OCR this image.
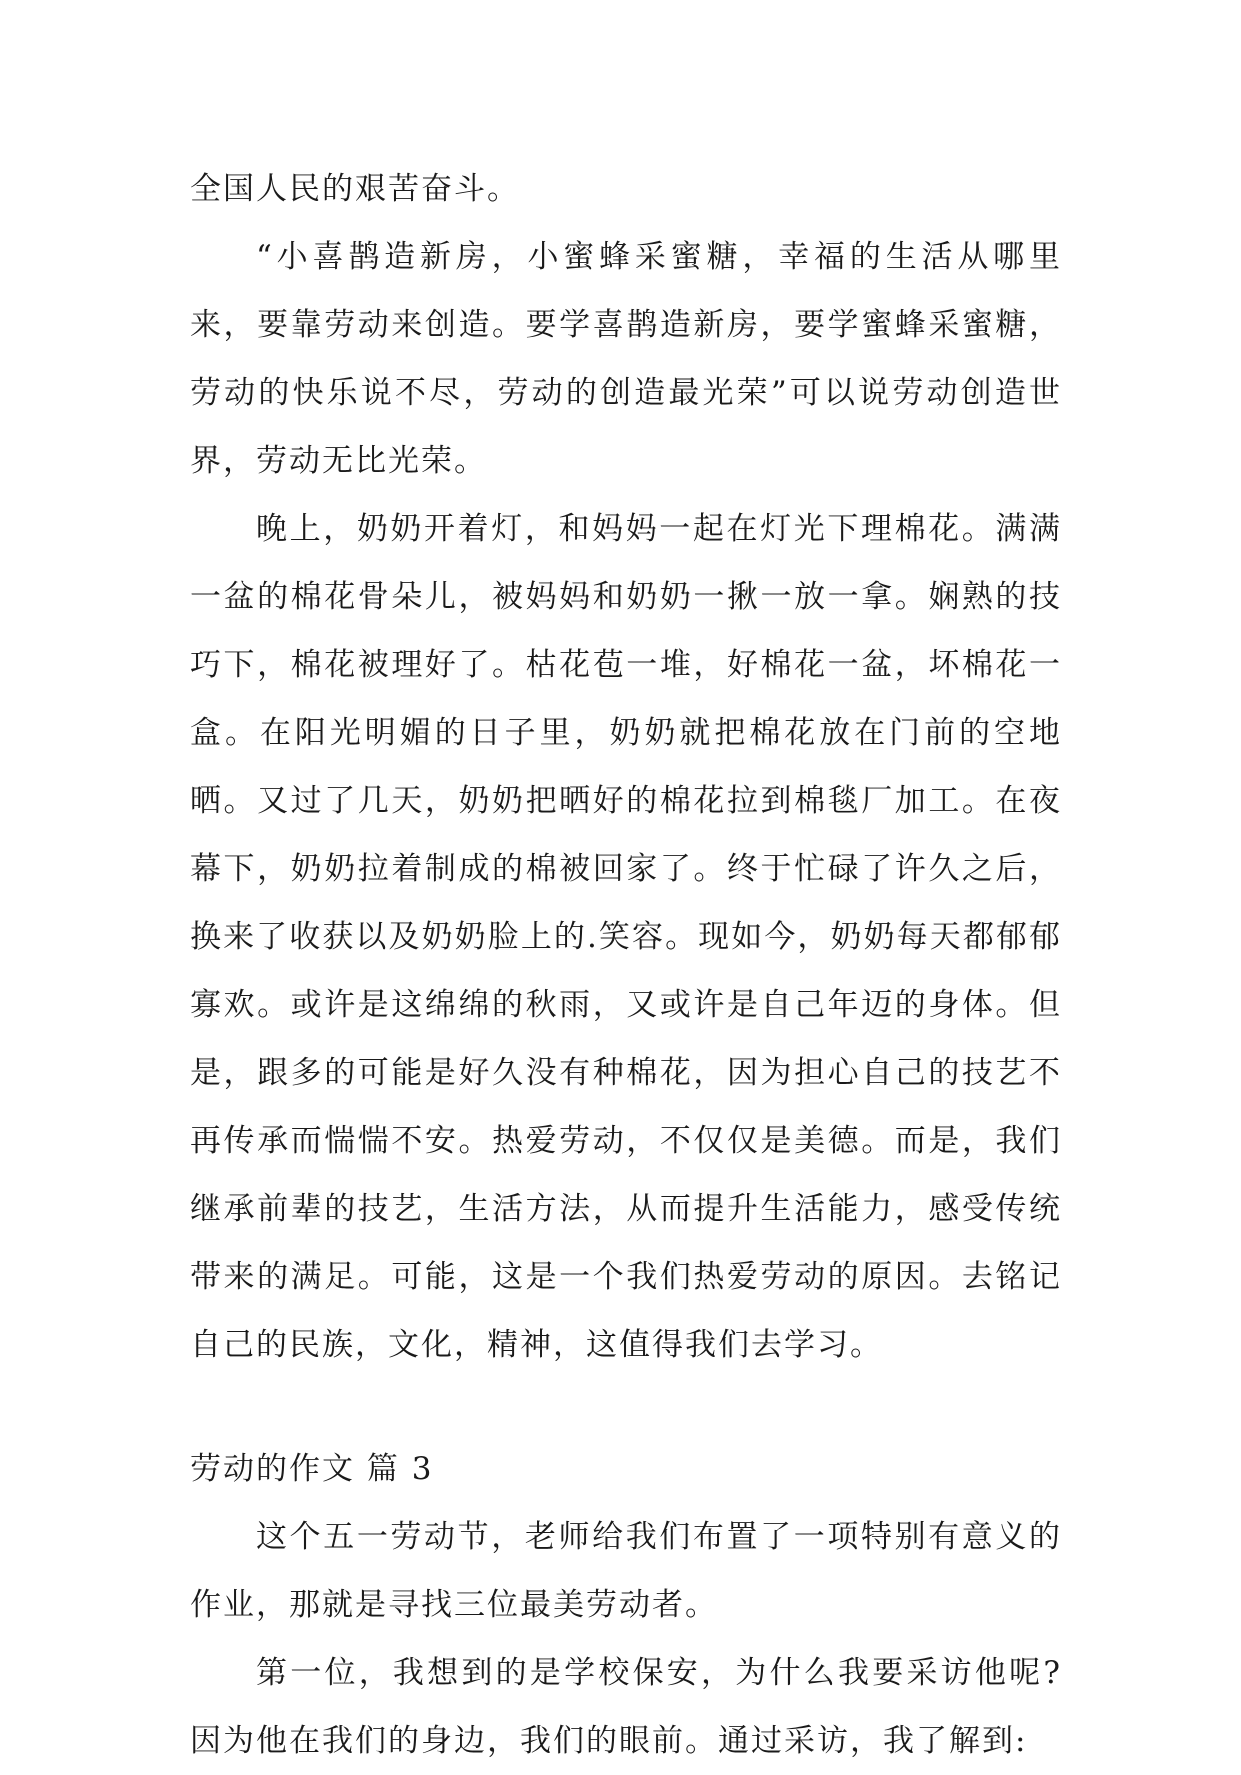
全国人民的艰苦奋斗。

“小喜鹊造新房，小蜜蜂采蜜糖，幸福的生活从哪里来，要靠劳动来创造。要学喜鹊造新房，要学蜜蜂采蜜糖，劳动的快乐说不尽，劳动的创造最光荣”可以说劳动创造世界，劳动无比光荣。

晚上，奶奶开着灯，和妈妈一起在灯光下理棉花。满满一盆的棉花骨朵儿，被妈妈和奶奶一揪一放一拿。娴熟的技巧下，棉花被理好了。枯花苞一堆，好棉花一盆，坏棉花一盒。在阳光明媚的日子里，奶奶就把棉花放在门前的空地晒。又过了几天，奶奶把晒好的棉花拉到棉毯厂加工。在夜幕下，奶奶拉着制成的棉被回家了。终于忙碌了许久之后，换来了收获以及奶奶脸上的.笑容。现如今，奶奶每天都郁郁寡欢。或许是这绵绵的秋雨，又或许是自己年迈的身体。但是，跟多的可能是好久没有种棉花，因为担心自己的技艺不再传承而惴惴不安。热爱劳动，不仅仅是美德。而是，我们继承前辈的技艺，生活方法，从而提升生活能力，感受传统带来的满足。可能，这是一个我们热爱劳动的原因。去铭记自己的民族，文化，精神，这值得我们去学习。

劳动的作文 篇 3

这个五一劳动节，老师给我们布置了一项特别有意义的作业，那就是寻找三位最美劳动者。

第一位，我想到的是学校保安，为什么我要采访他呢?因为他在我们的身边，我们的眼前。通过采访，我了解到:
